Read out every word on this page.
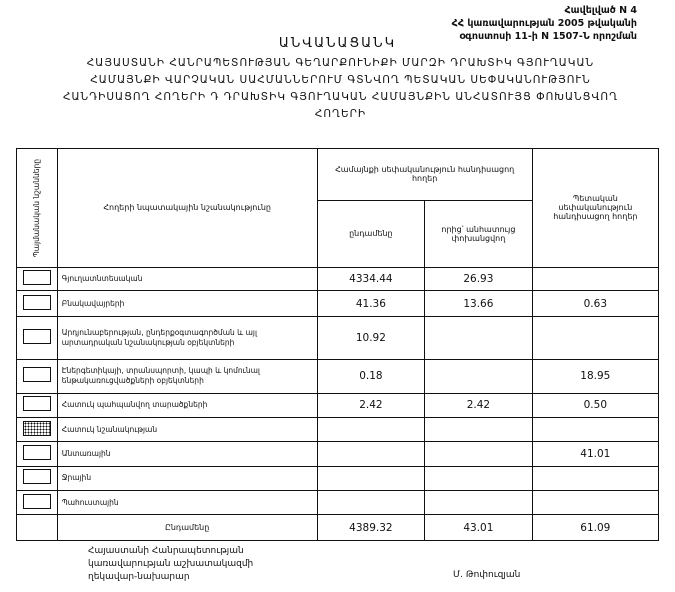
Հավելված N 4
ՀՀ կառավարության 2005 թվականի
օգոստոսի 11-ի N 1507-Ն որոշման
ԱՆՎԱՆԱՑԱՆԿ
ՀԱՅԱՍՏԱՆԻ ՀԱՆՐԱՊԵՏՈՒԹՅԱՆ ԳԵՂԱՐՔՈՒՆԻՔԻ ՄԱՐԶԻ ԴՐԱԽՏԻԿ ԳՅՈՒՂԱԿԱՆ
ՀԱՄԱՅՆՔԻ ՎԱՐՉԱԿԱՆ ՍԱՀՄԱՆՆԵՐՈՒՄ ԳՏՆՎՈՂ ՊԵՏԱԿԱՆ ՍԵՓԱԿԱՆՈՒԹՅՈՒՆ
ՀԱՆԴԻՍԱՑՈՂ ՀՈՂԵՐԻ Դ ԴՐԱԽՏԻԿ ԳՅՈՒՂԱԿԱՆ ՀԱՄԱՅՆՔԻՆ ԱՆՀԱՏՈՒՅՑ ՓՈԽԱՆՑՎՈՂ
ՀՈՂԵՐԻ
Պայմանական նշանները	Հողերի նպատակային նշանակությունը	Համայնքի սեփականություն հանդիսացող հողեր		Պետական սեփականություն հանդիսացող հողեր
		ընդամենը	որից՝ անհատույց փոխանցվող	
	Գյուղատնտեսական	4334.44	26.93	
	Բնակավայրերի	41.36	13.66	0.63
	Արդյունաբերության, ընդերքօգտագործման և այլ արտադրական նշանակության օբյեկտների	10.92		
	Էներգետիկայի, տրանսպորտի, կապի և կոմունալ ենթակառուցվածքների օբյեկտների	0.18		18.95
	Հատուկ պահպանվող տարածքների	2.42	2.42	0.50
	Հատուկ նշանակության			
	Անտառային			41.01
	Ջրային			
	Պահուստային			
	Ընդամենը	4389.32	43.01	61.09
Հայաստանի Հանրապետության
կառավարության աշխատակազմի
ղեկավար-նախարար	Մ. Թոփուզյան
